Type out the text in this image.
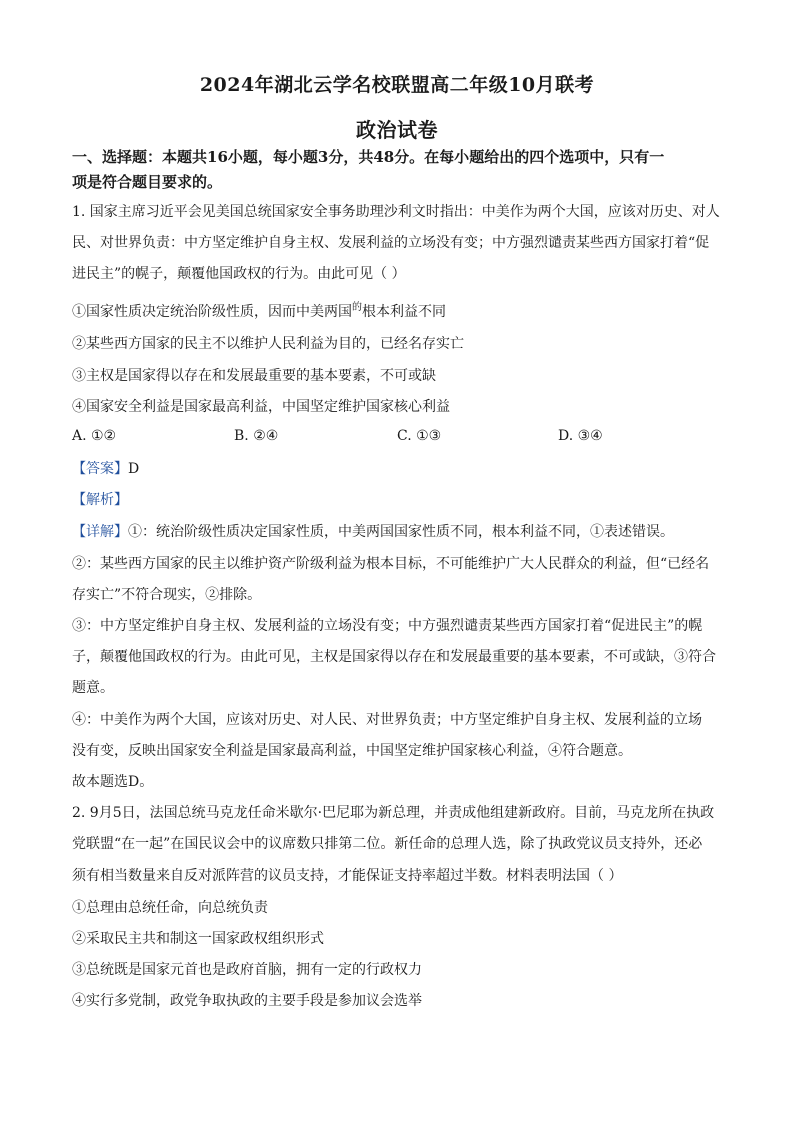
2024年湖北云学名校联盟高二年级10月联考
政治试卷
一、选择题：本题共16小题，每小题3分，共48分。在每小题给出的四个选项中，只有一
项是符合题目要求的。
1. 国家主席习近平会见美国总统国家安全事务助理沙利文时指出：中美作为两个大国，应该对历史、对人
民、对世界负责：中方坚定维护自身主权、发展利益的立场没有变；中方强烈谴责某些西方国家打着“促
进民主”的幌子，颠覆他国政权的行为。由此可见（ ）
①国家性质决定统治阶级性质，因而中美两国$^的$根本利益不同
②某些西方国家的民主不以维护人民利益为目的，已经名存实亡
③主权是国家得以存在和发展最重要的基本要素，不可或缺
④国家安全利益是国家最高利益，中国坚定维护国家核心利益
A. ①②	B. ②④	C. ①③	D. ③④
【答案】D
【解析】
【详解】①：统治阶级性质决定国家性质，中美两国国家性质不同，根本利益不同，①表述错误。
②：某些西方国家的民主以维护资产阶级利益为根本目标，不可能维护广大人民群众的利益，但“已经名
存实亡”不符合现实，②排除。
③：中方坚定维护自身主权、发展利益的立场没有变；中方强烈谴责某些西方国家打着“促进民主”的幌
子，颠覆他国政权的行为。由此可见，主权是国家得以存在和发展最重要的基本要素，不可或缺，③符合
题意。
④：中美作为两个大国，应该对历史、对人民、对世界负责；中方坚定维护自身主权、发展利益的立场
没有变，反映出国家安全利益是国家最高利益，中国坚定维护国家核心利益，④符合题意。
故本题选D。
2. 9月5日，法国总统马克龙任命米歇尔·巴尼耶为新总理，并责成他组建新政府。目前，马克龙所在执政
党联盟“在一起”在国民议会中的议席数只排第二位。新任命的总理人选，除了执政党议员支持外，还必
须有相当数量来自反对派阵营的议员支持，才能保证支持率超过半数。材料表明法国（ ）
①总理由总统任命，向总统负责
②采取民主共和制这一国家政权组织形式
③总统既是国家元首也是政府首脑，拥有一定的行政权力
④实行多党制，政党争取执政的主要手段是参加议会选举
